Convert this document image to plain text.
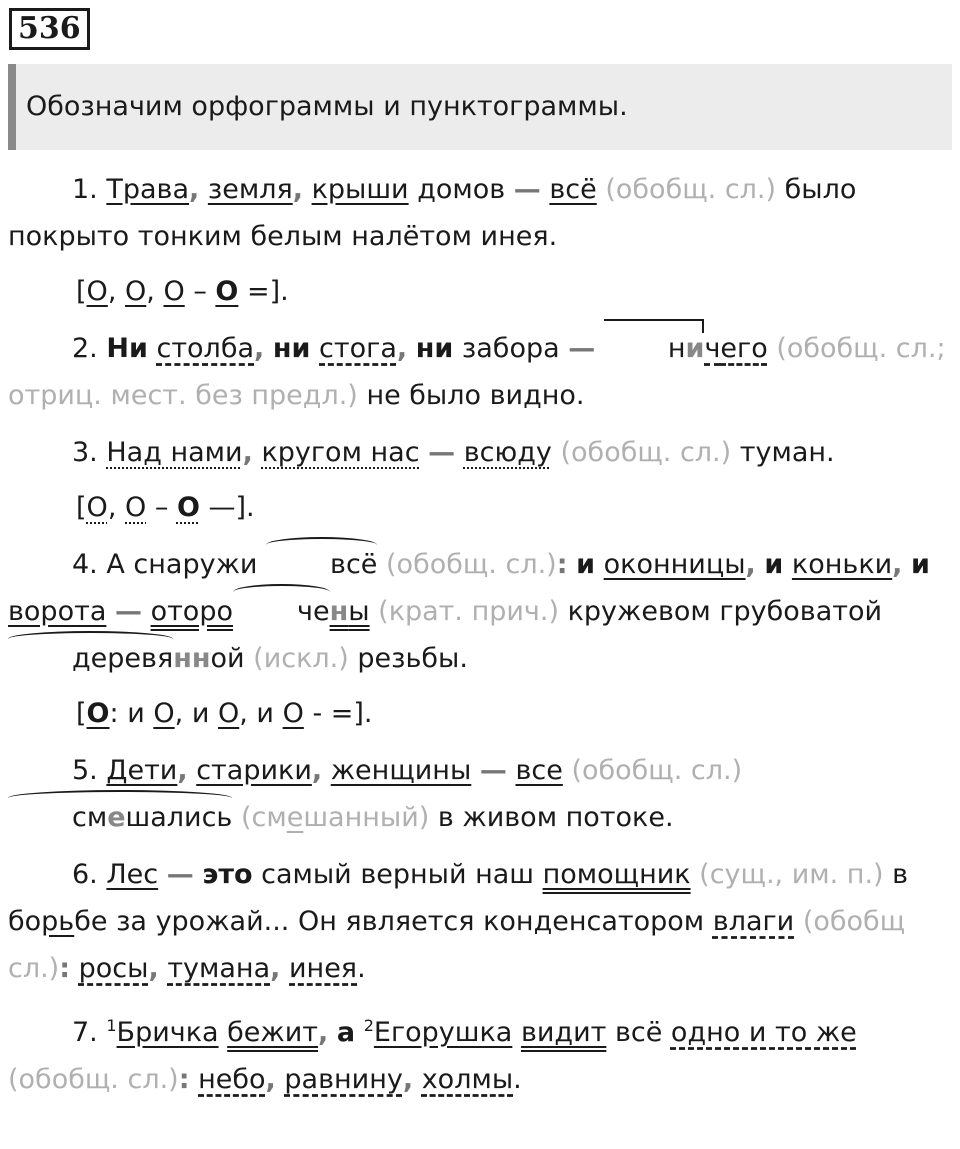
536
Обозначим орфограммы и пунктограммы.

1. Трава, земля, крыши домов — всё (обобщ. сл.) было покрыто тонким белым налётом инея.

[О, О, О – О =].

2. Ни столба, ни стога, ни забора —	ничего (обобщ. сл.; отриц. мест. без предл.) не было видно.

3. Над нами, кругом нас — всюду (обобщ. сл.) туман.

[О, О – О —].

4. А снаружи	всё (обобщ. сл.): и оконницы, и коньки, и ворота — оторо чены (крат. прич.) кружевом грубоватой деревянной (искл.) резьбы.

[О: и О, и О, и О - =].

5. Дети, старики, женщины — все (обобщ. сл.) смешались (смешанный) в живом потоке.

6. Лес — это самый верный наш помощник (сущ., им. п.) в борьбе за урожай... Он является конденсатором влаги (обобщ сл.): росы, тумана, инея.

7. $^1$Бричка бежит, а $^2$Егорушка видит всё одно и то же (обобщ. сл.): небо, равнину, холмы.
